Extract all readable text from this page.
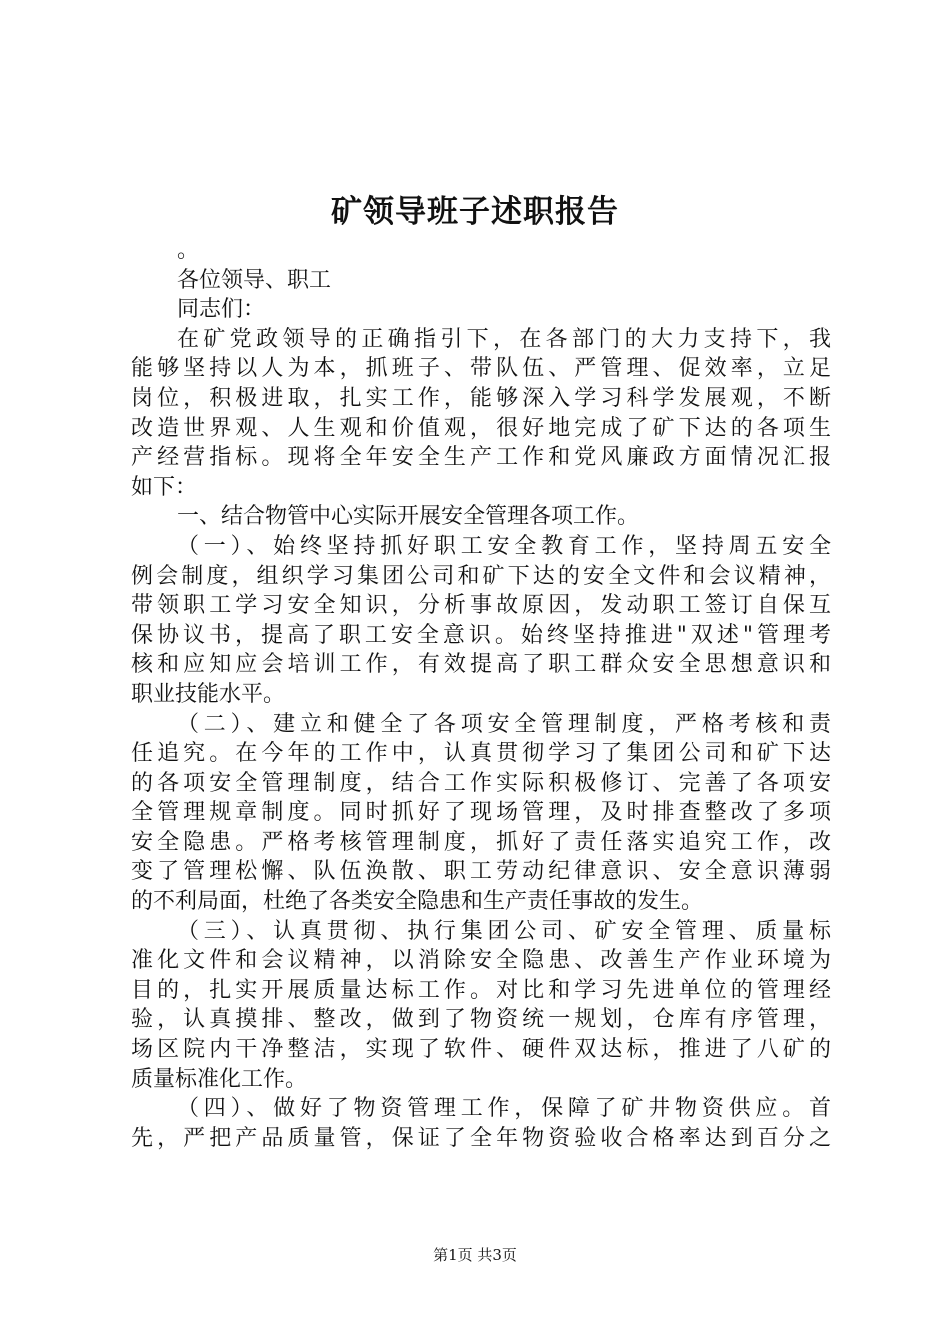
矿领导班子述职报告

。

各位领导、职工

同志们：

在矿党政领导的正确指引下，在各部门的大力支持下，我

能够坚持以人为本，抓班子、带队伍、严管理、促效率，立足

岗位，积极进取，扎实工作，能够深入学习科学发展观，不断

改造世界观、人生观和价值观，很好地完成了矿下达的各项生

产经营指标。现将全年安全生产工作和党风廉政方面情况汇报

如下：

一、结合物管中心实际开展安全管理各项工作。

（一）、始终坚持抓好职工安全教育工作，坚持周五安全

例会制度，组织学习集团公司和矿下达的安全文件和会议精神，

带领职工学习安全知识，分析事故原因，发动职工签订自保互

保协议书，提高了职工安全意识。始终坚持推进"双述"管理考

核和应知应会培训工作，有效提高了职工群众安全思想意识和

职业技能水平。

（二）、建立和健全了各项安全管理制度，严格考核和责

任追究。在今年的工作中，认真贯彻学习了集团公司和矿下达

的各项安全管理制度，结合工作实际积极修订、完善了各项安

全管理规章制度。同时抓好了现场管理，及时排查整改了多项

安全隐患。严格考核管理制度，抓好了责任落实追究工作，改

变了管理松懈、队伍涣散、职工劳动纪律意识、安全意识薄弱

的不利局面，杜绝了各类安全隐患和生产责任事故的发生。

（三）、认真贯彻、执行集团公司、矿安全管理、质量标

准化文件和会议精神，以消除安全隐患、改善生产作业环境为

目的，扎实开展质量达标工作。对比和学习先进单位的管理经

验，认真摸排、整改，做到了物资统一规划，仓库有序管理，

场区院内干净整洁，实现了软件、硬件双达标，推进了八矿的

质量标准化工作。

（四）、做好了物资管理工作，保障了矿井物资供应。首

先，严把产品质量管，保证了全年物资验收合格率达到百分之

第1页 共3页
